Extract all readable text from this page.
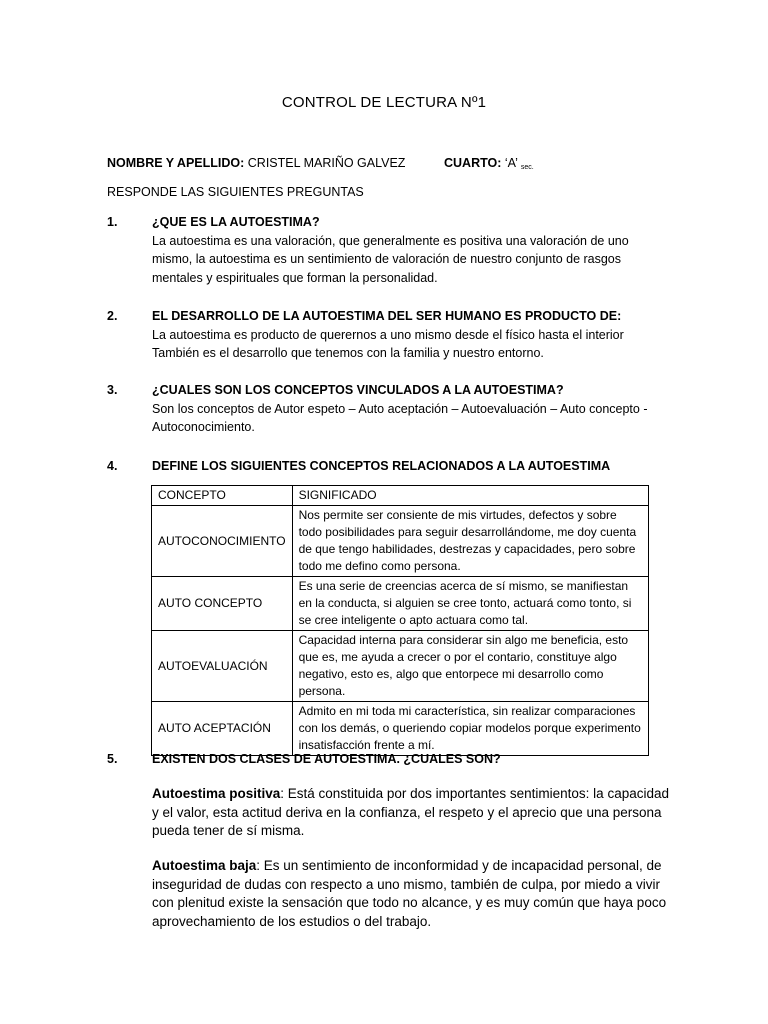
CONTROL DE LECTURA Nº1
NOMBRE Y APELLIDO: CRISTEL MARIÑO GALVEZ	CUARTO: ‘A’ $_{sec.}$
RESPONDE LAS SIGUIENTES PREGUNTAS
1.	¿QUE ES LA AUTOESTIMA?
La autoestima es una valoración, que generalmente es positiva una valoración de uno mismo, la autoestima es un sentimiento de valoración de nuestro conjunto de rasgos mentales y espirituales que forman la personalidad.
2.	EL DESARROLLO DE LA AUTOESTIMA DEL SER HUMANO ES PRODUCTO DE:
La autoestima es producto de querernos a uno mismo desde el físico hasta el interior También es el desarrollo que tenemos con la familia y nuestro entorno.
3.	¿CUALES SON LOS CONCEPTOS VINCULADOS A LA AUTOESTIMA?
Son los conceptos de Autor espeto – Auto aceptación – Autoevaluación – Auto concepto - Autoconocimiento.
4.	DEFINE LOS SIGUIENTES CONCEPTOS RELACIONADOS A LA AUTOESTIMA
CONCEPTO	SIGNIFICADO
AUTOCONOCIMIENTO	Nos permite ser consiente de mis virtudes, defectos y sobre todo posibilidades para seguir desarrollándome, me doy cuenta de que tengo habilidades, destrezas y capacidades, pero sobre todo me defino como persona.
AUTO CONCEPTO	Es una serie de creencias acerca de sí mismo, se manifiestan en la conducta, si alguien se cree tonto, actuará como tonto, si se cree inteligente o apto actuara como tal.
AUTOEVALUACIÓN	Capacidad interna para considerar sin algo me beneficia, esto que es, me ayuda a crecer o por el contario, constituye algo negativo, esto es, algo que entorpece mi desarrollo como persona.
AUTO ACEPTACIÓN	Admito en mi toda mi característica, sin realizar comparaciones con los demás, o queriendo copiar modelos porque experimento insatisfacción frente a mí.
5.	EXISTEN DOS CLASES DE AUTOESTIMA. ¿CUALES SON?
Autoestima positiva: Está constituida por dos importantes sentimientos: la capacidad y el valor, esta actitud deriva en la confianza, el respeto y el aprecio que una persona pueda tener de sí misma.
Autoestima baja: Es un sentimiento de inconformidad y de incapacidad personal, de inseguridad de dudas con respecto a uno mismo, también de culpa, por miedo a vivir con plenitud existe la sensación que todo no alcance, y es muy común que haya poco aprovechamiento de los estudios o del trabajo.
